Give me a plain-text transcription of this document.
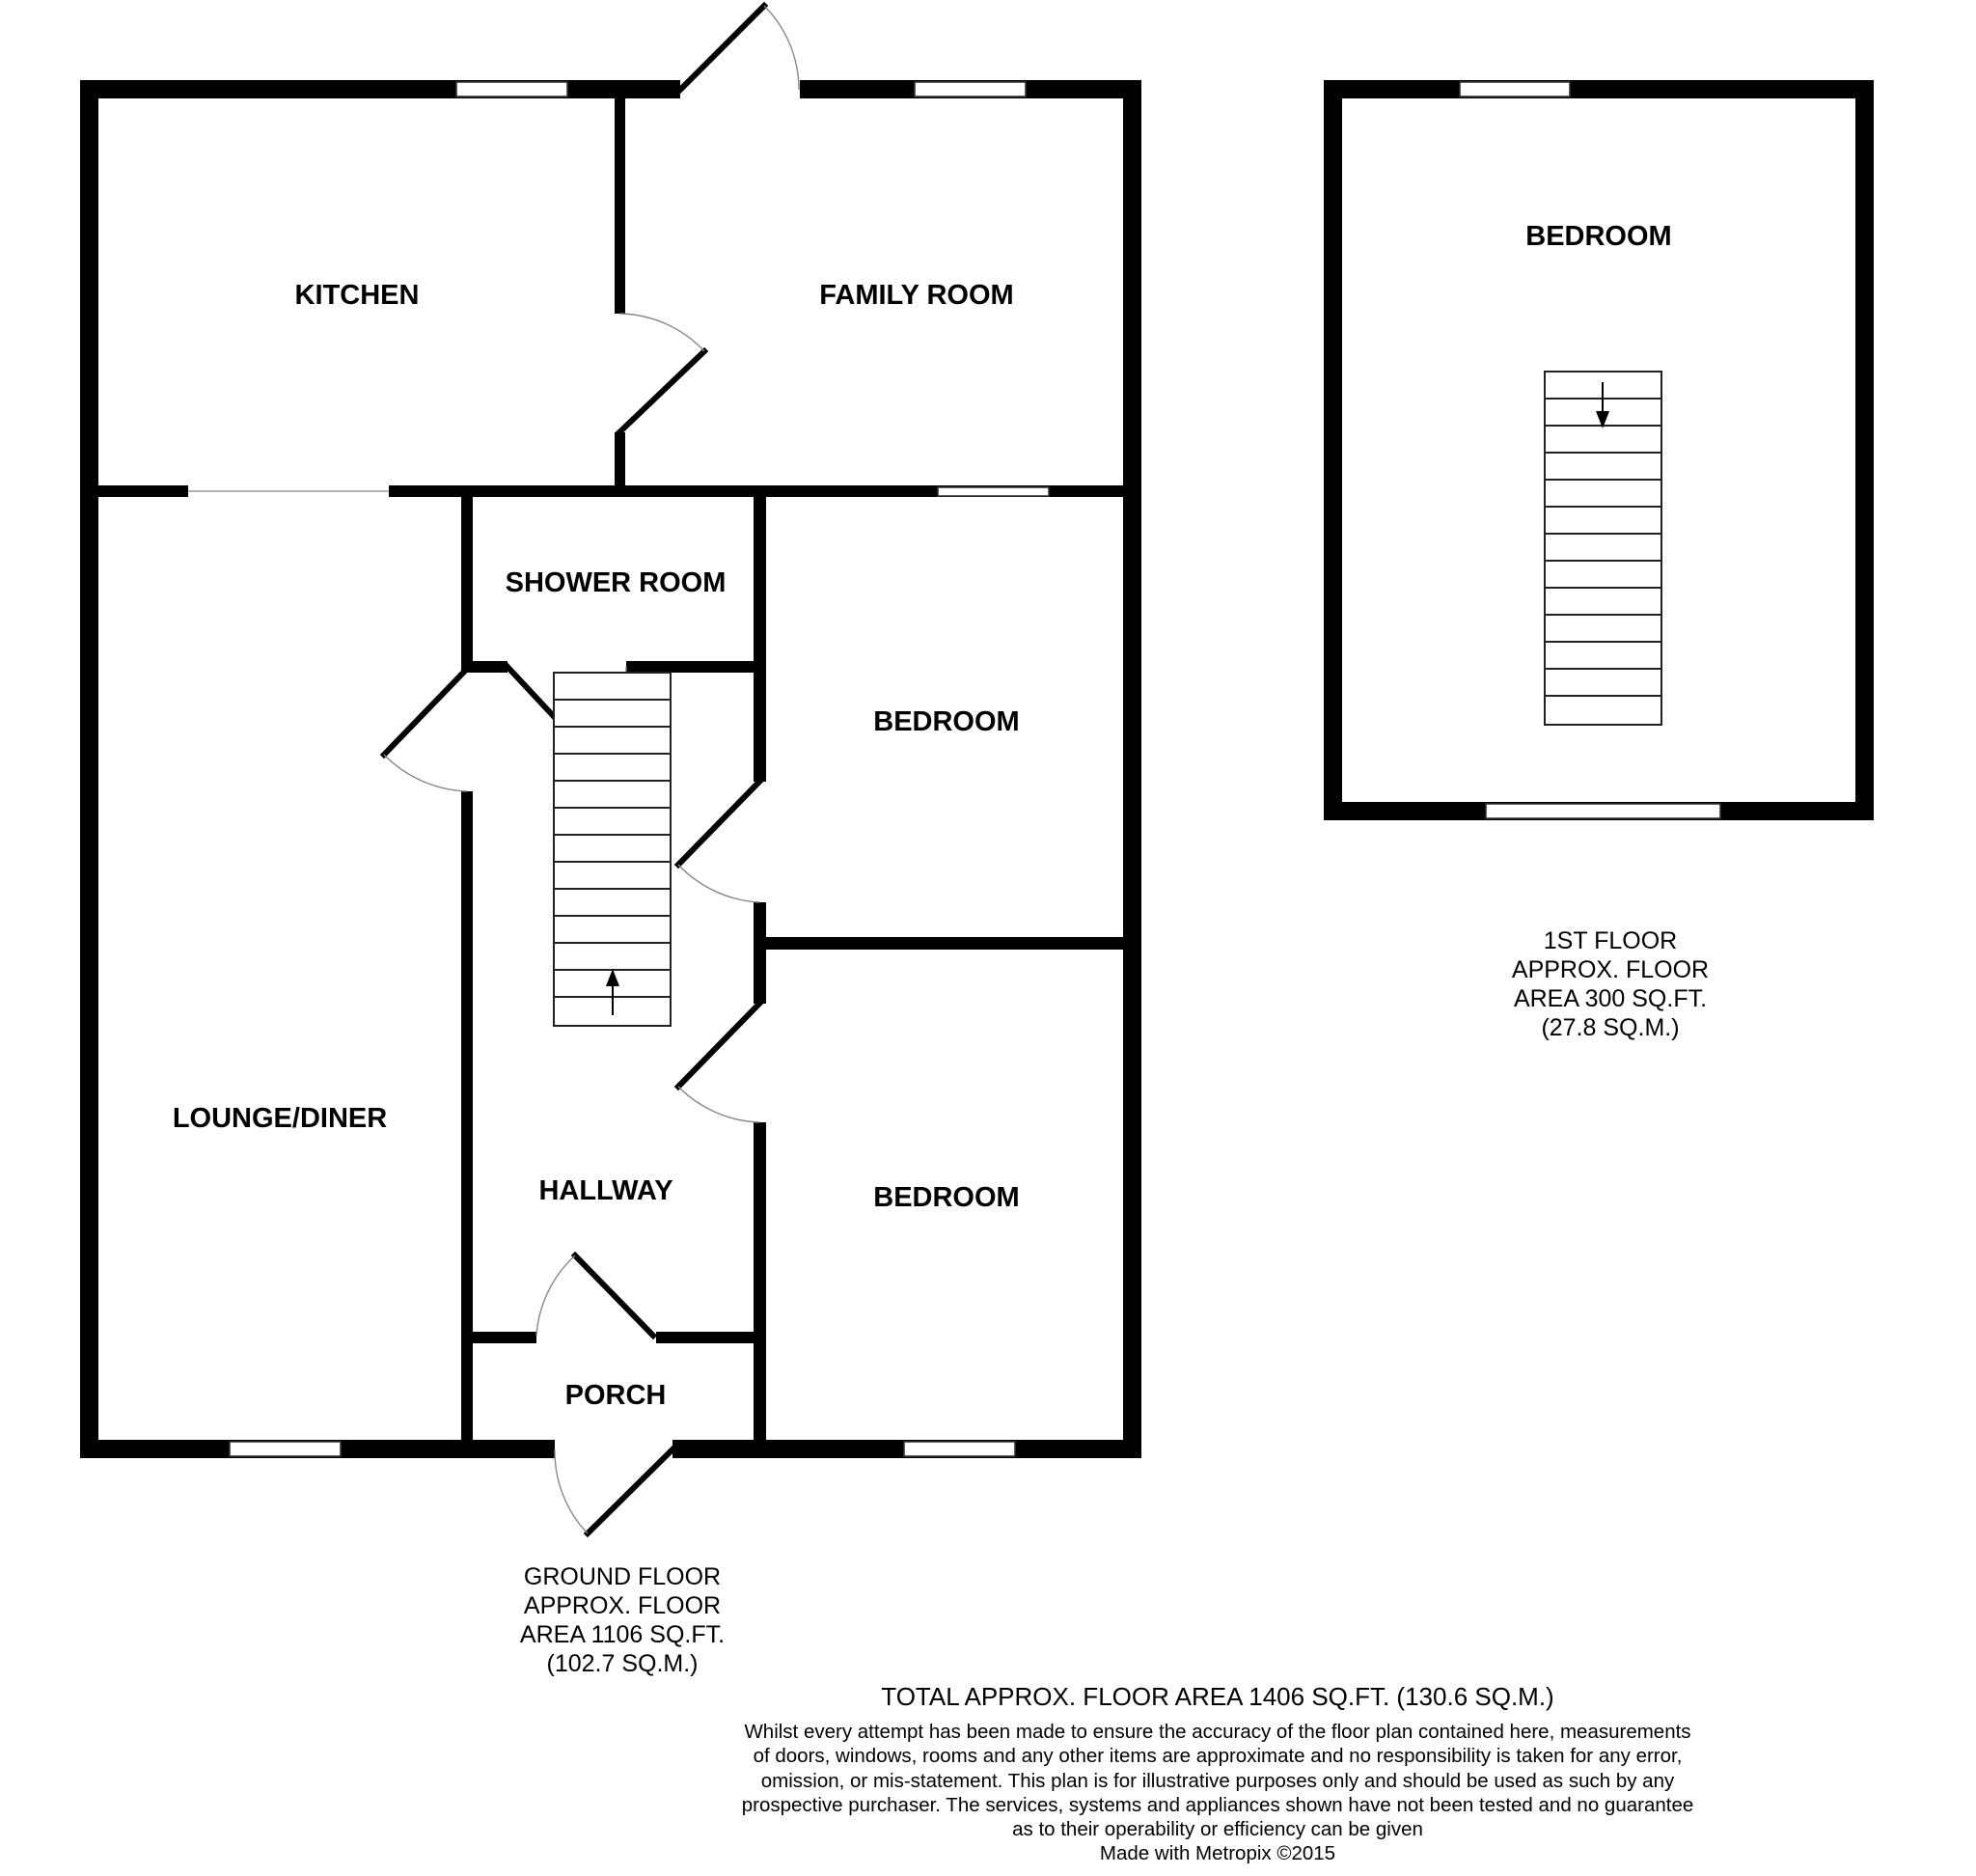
KITCHEN	FAMILY ROOM
SHOWER ROOM
BEDROOM
LOUNGE/DINER
HALLWAY	BEDROOM
PORCH
GROUND FLOOR
APPROX. FLOOR
AREA 1106 SQ.FT.
(102.7 SQ.M.)
BEDROOM
1ST FLOOR
APPROX. FLOOR
AREA 300 SQ.FT.
(27.8 SQ.M.)
TOTAL APPROX. FLOOR AREA 1406 SQ.FT. (130.6 SQ.M.)
Whilst every attempt has been made to ensure the accuracy of the floor plan contained here, measurements
of doors, windows, rooms and any other items are approximate and no responsibility is taken for any error,
omission, or mis-statement. This plan is for illustrative purposes only and should be used as such by any
prospective purchaser. The services, systems and appliances shown have not been tested and no guarantee
as to their operability or efficiency can be given
Made with Metropix ©2015
